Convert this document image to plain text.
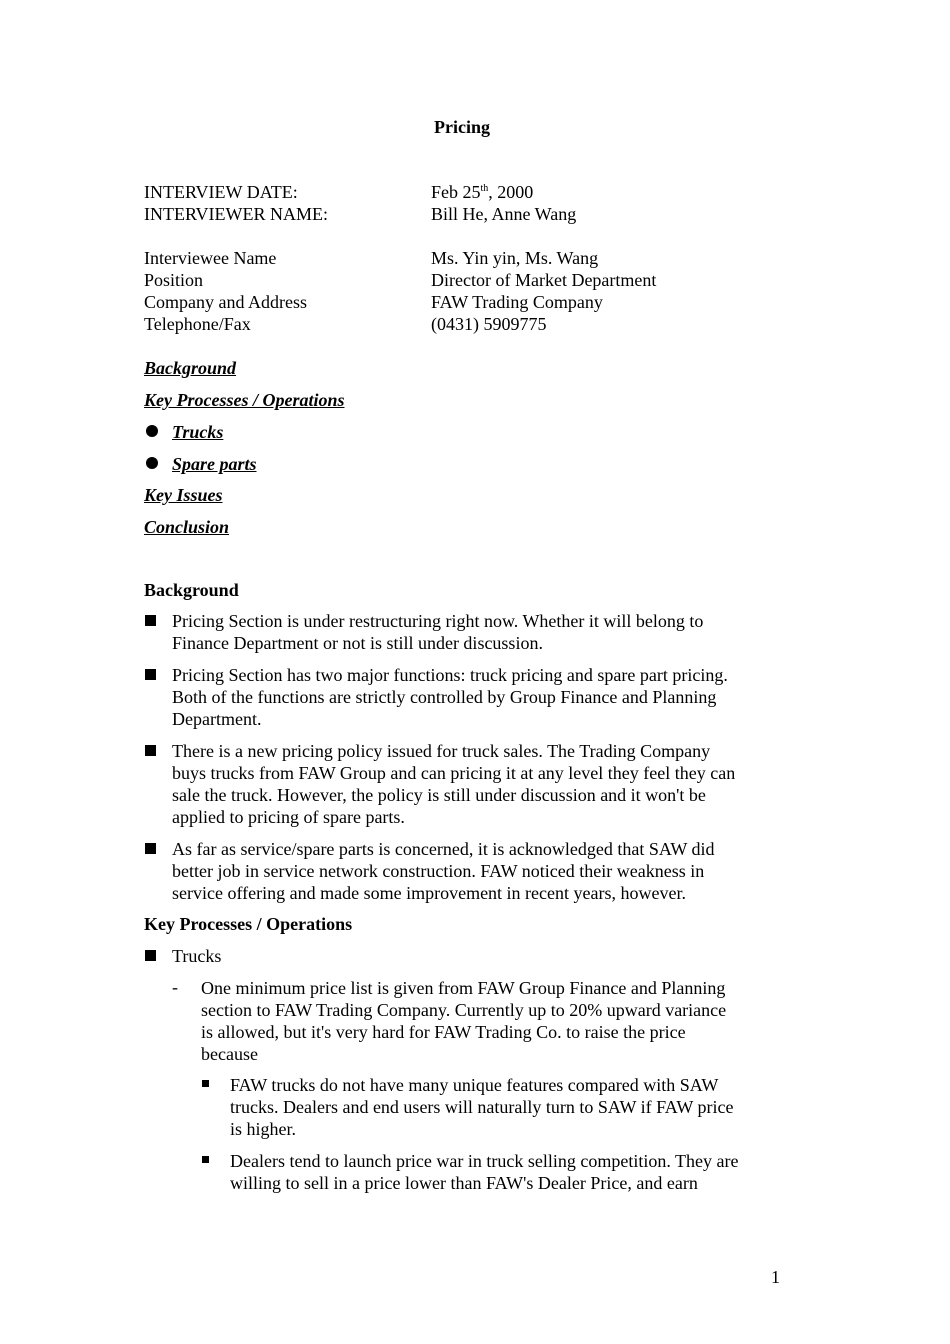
Pricing
INTERVIEW DATE:	Feb 25th, 2000
INTERVIEWER NAME:	Bill He, Anne Wang
Interviewee Name	Ms. Yin yin, Ms. Wang
Position	Director of Market Department
Company and Address	FAW Trading Company
Telephone/Fax	(0431) 5909775
Background
Key Processes / Operations
Trucks
Spare parts
Key Issues
Conclusion
Background
Pricing Section is under restructuring right now. Whether it will belong to
Finance Department or not is still under discussion.
Pricing Section has two major functions: truck pricing and spare part pricing.
Both of the functions are strictly controlled by Group Finance and Planning
Department.
There is a new pricing policy issued for truck sales. The Trading Company
buys trucks from FAW Group and can pricing it at any level they feel they can
sale the truck. However, the policy is still under discussion and it won't be
applied to pricing of spare parts.
As far as service/spare parts is concerned, it is acknowledged that SAW did
better job in service network construction. FAW noticed their weakness in
service offering and made some improvement in recent years, however.
Key Processes / Operations
Trucks
- One minimum price list is given from FAW Group Finance and Planning
section to FAW Trading Company. Currently up to 20% upward variance
is allowed, but it's very hard for FAW Trading Co. to raise the price
because
FAW trucks do not have many unique features compared with SAW
trucks. Dealers and end users will naturally turn to SAW if FAW price
is higher.
Dealers tend to launch price war in truck selling competition. They are
willing to sell in a price lower than FAW's Dealer Price, and earn
1
